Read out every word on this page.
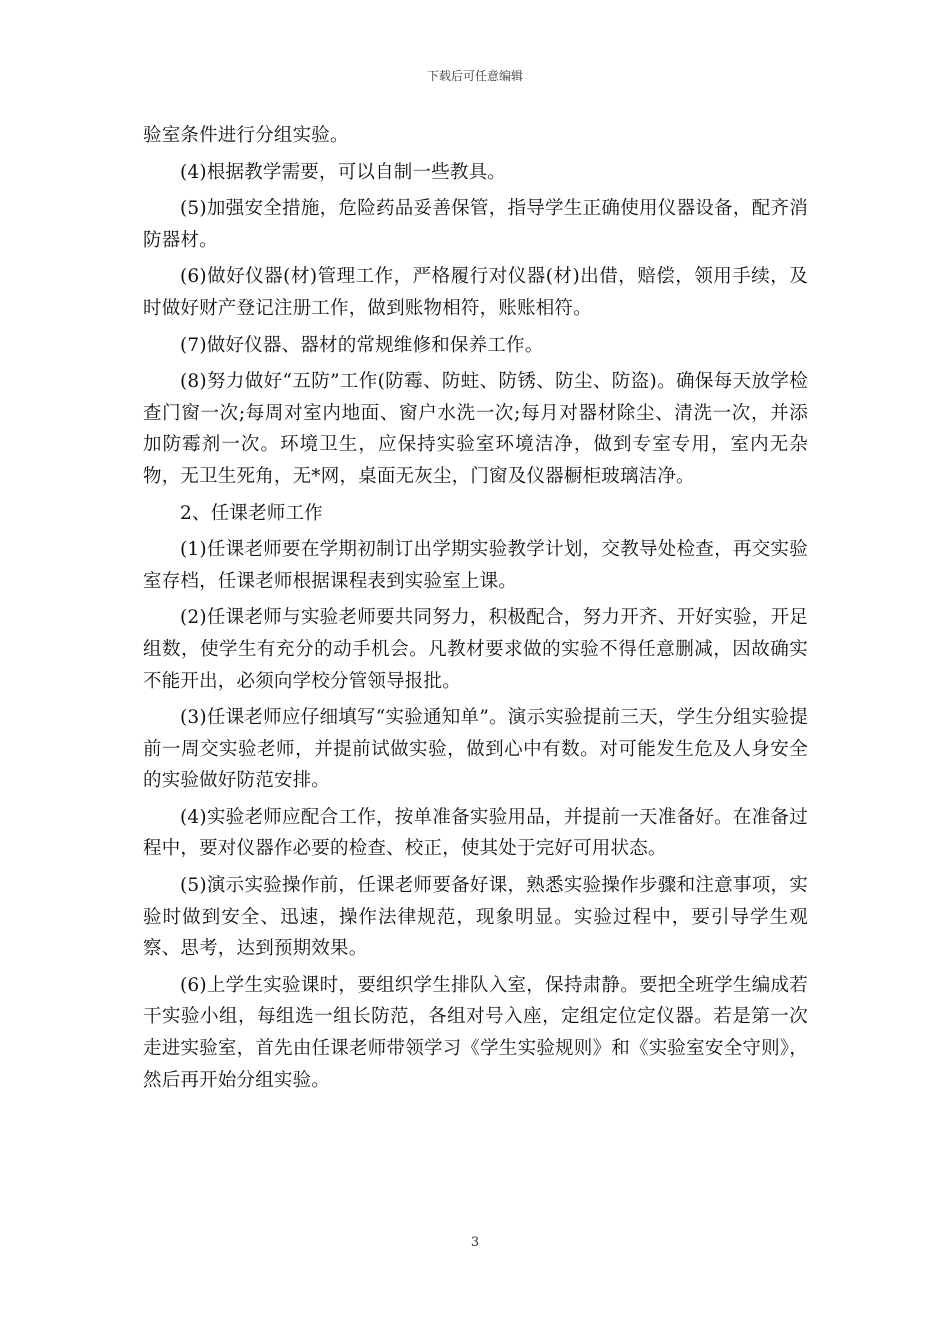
下载后可任意编辑

验室条件进行分组实验。

(4)根据教学需要，可以自制一些教具。

(5)加强安全措施，危险药品妥善保管，指导学生正确使用仪器设备，配齐消防器材。

(6)做好仪器(材)管理工作，严格履行对仪器(材)出借，赔偿，领用手续，及时做好财产登记注册工作，做到账物相符，账账相符。

(7)做好仪器、器材的常规维修和保养工作。

(8)努力做好“五防”工作(防霉、防蛀、防锈、防尘、防盗)。确保每天放学检查门窗一次;每周对室内地面、窗户水洗一次;每月对器材除尘、清洗一次，并添加防霉剂一次。环境卫生，应保持实验室环境洁净，做到专室专用，室内无杂物，无卫生死角，无*网，桌面无灰尘，门窗及仪器橱柜玻璃洁净。

2、任课老师工作

(1)任课老师要在学期初制订出学期实验教学计划，交教导处检查，再交实验室存档，任课老师根据课程表到实验室上课。

(2)任课老师与实验老师要共同努力，积极配合，努力开齐、开好实验，开足组数，使学生有充分的动手机会。凡教材要求做的实验不得任意删减，因故确实不能开出，必须向学校分管领导报批。

(3)任课老师应仔细填写“实验通知单”。演示实验提前三天，学生分组实验提前一周交实验老师，并提前试做实验，做到心中有数。对可能发生危及人身安全的实验做好防范安排。

(4)实验老师应配合工作，按单准备实验用品，并提前一天准备好。在准备过程中，要对仪器作必要的检查、校正，使其处于完好可用状态。

(5)演示实验操作前，任课老师要备好课，熟悉实验操作步骤和注意事项，实验时做到安全、迅速，操作法律规范，现象明显。实验过程中，要引导学生观察、思考，达到预期效果。

(6)上学生实验课时，要组织学生排队入室，保持肃静。要把全班学生编成若干实验小组，每组选一组长防范，各组对号入座，定组定位定仪器。若是第一次走进实验室，首先由任课老师带领学习《学生实验规则》和《实验室安全守则》，然后再开始分组实验。

3
